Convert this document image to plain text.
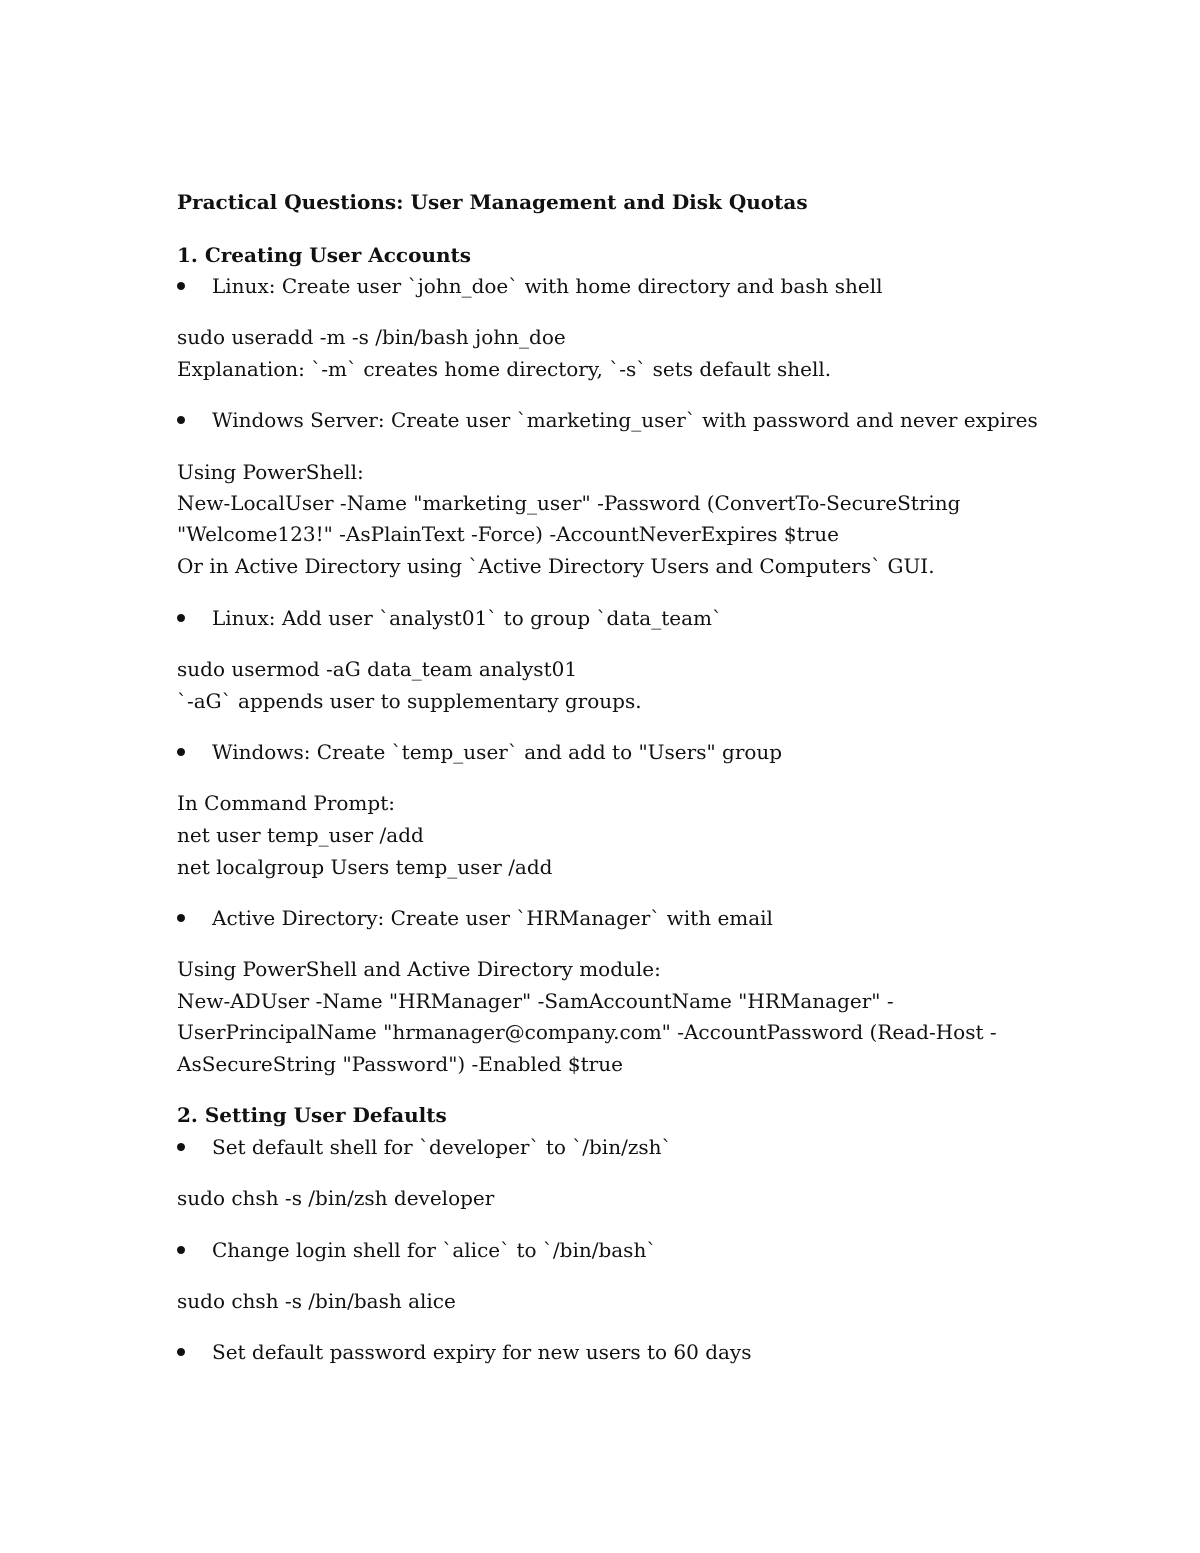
Practical Questions: User Management and Disk Quotas
1. Creating User Accounts
Linux: Create user `john_doe` with home directory and bash shell
sudo useradd -m -s /bin/bash john_doe
Explanation: `-m` creates home directory, `-s` sets default shell.
Windows Server: Create user `marketing_user` with password and never expires
Using PowerShell:
New-LocalUser -Name "marketing_user" -Password (ConvertTo-SecureString
"Welcome123!" -AsPlainText -Force) -AccountNeverExpires $true
Or in Active Directory using `Active Directory Users and Computers` GUI.
Linux: Add user `analyst01` to group `data_team`
sudo usermod -aG data_team analyst01
`-aG` appends user to supplementary groups.
Windows: Create `temp_user` and add to "Users" group
In Command Prompt:
net user temp_user /add
net localgroup Users temp_user /add
Active Directory: Create user `HRManager` with email
Using PowerShell and Active Directory module:
New-ADUser -Name "HRManager" -SamAccountName "HRManager" -
UserPrincipalName "hrmanager@company.com" -AccountPassword (Read-Host -
AsSecureString "Password") -Enabled $true
2. Setting User Defaults
Set default shell for `developer` to `/bin/zsh`
sudo chsh -s /bin/zsh developer
Change login shell for `alice` to `/bin/bash`
sudo chsh -s /bin/bash alice
Set default password expiry for new users to 60 days
